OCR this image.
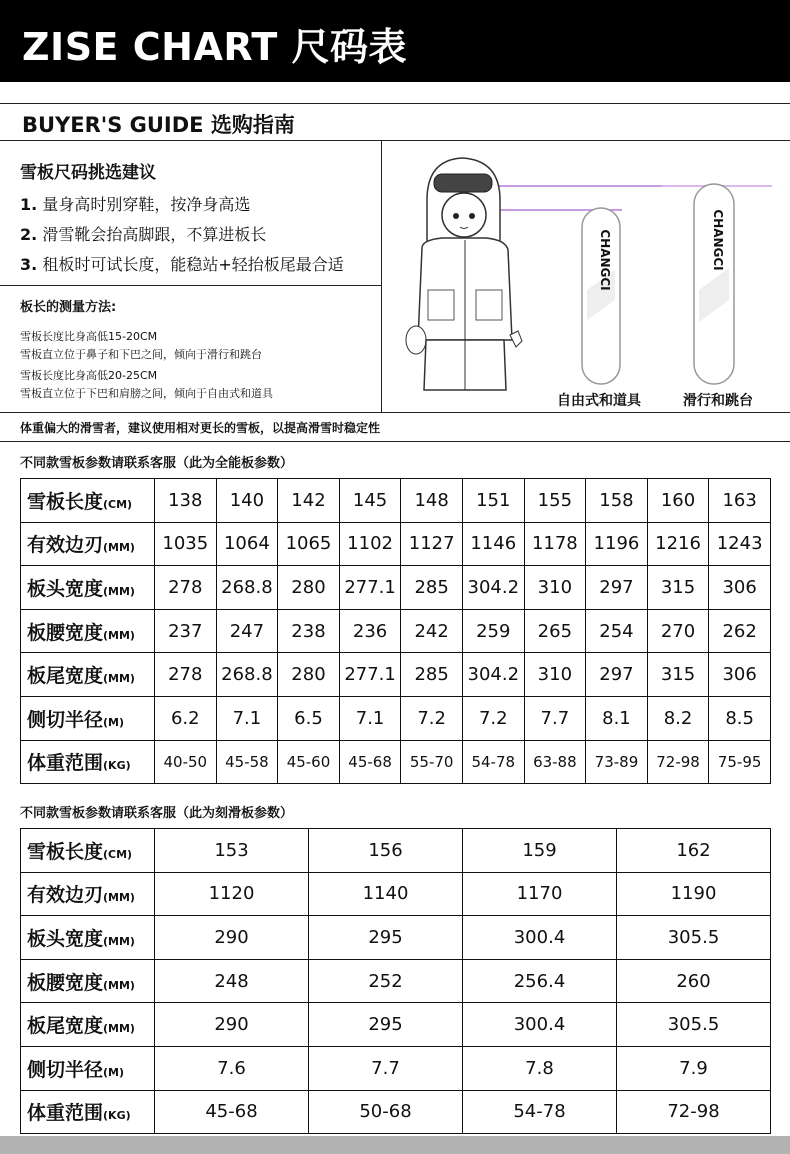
ZISE CHART 尺码表
BUYER'S GUIDE 选购指南
雪板尺码挑选建议
1. 量身高时别穿鞋，按净身高选
2. 滑雪靴会抬高脚跟，不算进板长
3. 租板时可试长度，能稳站+轻抬板尾最合适
板长的测量方法:
雪板长度比身高低15-20CM
雪板直立位于鼻子和下巴之间，倾向于滑行和跳台
雪板长度比身高低20-25CM
雪板直立位于下巴和肩膀之间，倾向于自由式和道具
CHANGCI	CHANGCI
自由式和道具	滑行和跳台
体重偏大的滑雪者，建议使用相对更长的雪板，以提高滑雪时稳定性
不同款雪板参数请联系客服（此为全能板参数）
雪板长度(CM)	138	140	142	145	148	151	155	158	160	163
有效边刃(MM)	1035	1064	1065	1102	1127	1146	1178	1196	1216	1243
板头宽度(MM)	278	268.8	280	277.1	285	304.2	310	297	315	306
板腰宽度(MM)	237	247	238	236	242	259	265	254	270	262
板尾宽度(MM)	278	268.8	280	277.1	285	304.2	310	297	315	306
侧切半径(M)	6.2	7.1	6.5	7.1	7.2	7.2	7.7	8.1	8.2	8.5
体重范围(KG)	40-50	45-58	45-60	45-68	55-70	54-78	63-88	73-89	72-98	75-95
不同款雪板参数请联系客服（此为刻滑板参数）
雪板长度(CM)	153	156	159	162
有效边刃(MM)	1120	1140	1170	1190
板头宽度(MM)	290	295	300.4	305.5
板腰宽度(MM)	248	252	256.4	260
板尾宽度(MM)	290	295	300.4	305.5
侧切半径(M)	7.6	7.7	7.8	7.9
体重范围(KG)	45-68	50-68	54-78	72-98
